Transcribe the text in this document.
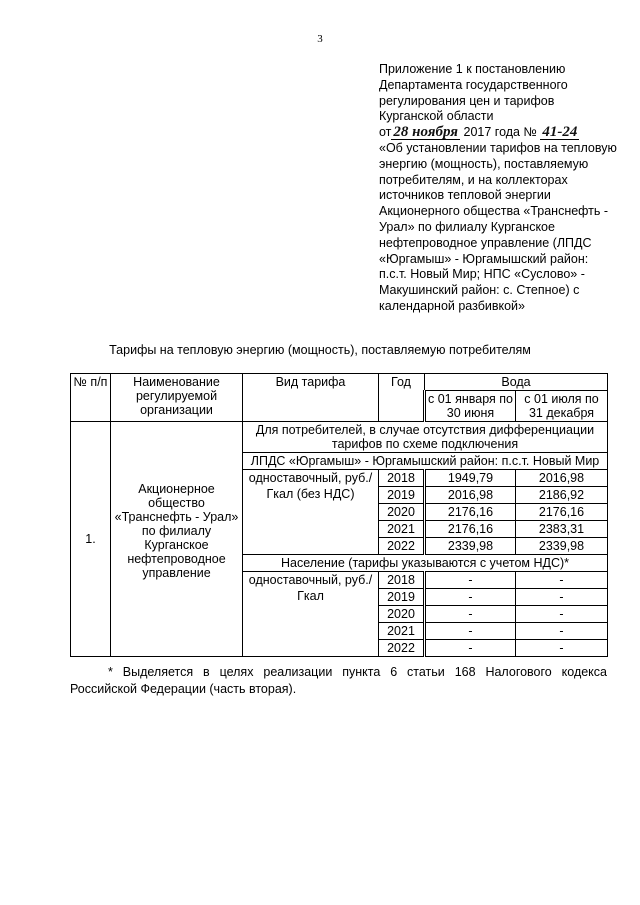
3
Приложение 1 к постановлению
Департамента государственного
регулирования цен и тарифов
Курганской области
от 28 ноября 2017 года № 41-24
«Об установлении тарифов на тепловую энергию (мощность), поставляемую потребителям, и на коллекторах источников тепловой энергии Акционерного общества «Транснефть - Урал» по филиалу Курганское нефтепроводное управление (ЛПДС «Юргамыш» - Юргамышский район: п.с.т. Новый Мир; НПС «Суслово» - Макушинский район: с. Степное) с календарной разбивкой»
Тарифы на тепловую энергию (мощность), поставляемую потребителям
№ п/п	Наименование регулируемой организации	Вид тарифа	Год	Вода	
				с 01 января по 30 июня	с 01 июля по 31 декабря
1.	Акционерное общество «Транснефть - Урал» по филиалу Курганское нефтепроводное управление	Для потребителей, в случае отсутствия дифференциации тарифов по схеме подключения			
		ЛПДС «Юргамыш» - Юргамышский район: п.с.т. Новый Мир			
		одноставочный, руб./Гкал (без НДС)	2018	1949,79	2016,98
			2019	2016,98	2186,92
			2020	2176,16	2176,16
			2021	2176,16	2383,31
			2022	2339,98	2339,98
		Население (тарифы указываются с учетом НДС)*			
		одноставочный, руб./Гкал	2018	-	-
			2019	-	-
			2020	-	-
			2021	-	-
			2022	-	-
* Выделяется в целях реализации пункта 6 статьи 168 Налогового кодекса Российской Федерации (часть вторая).
